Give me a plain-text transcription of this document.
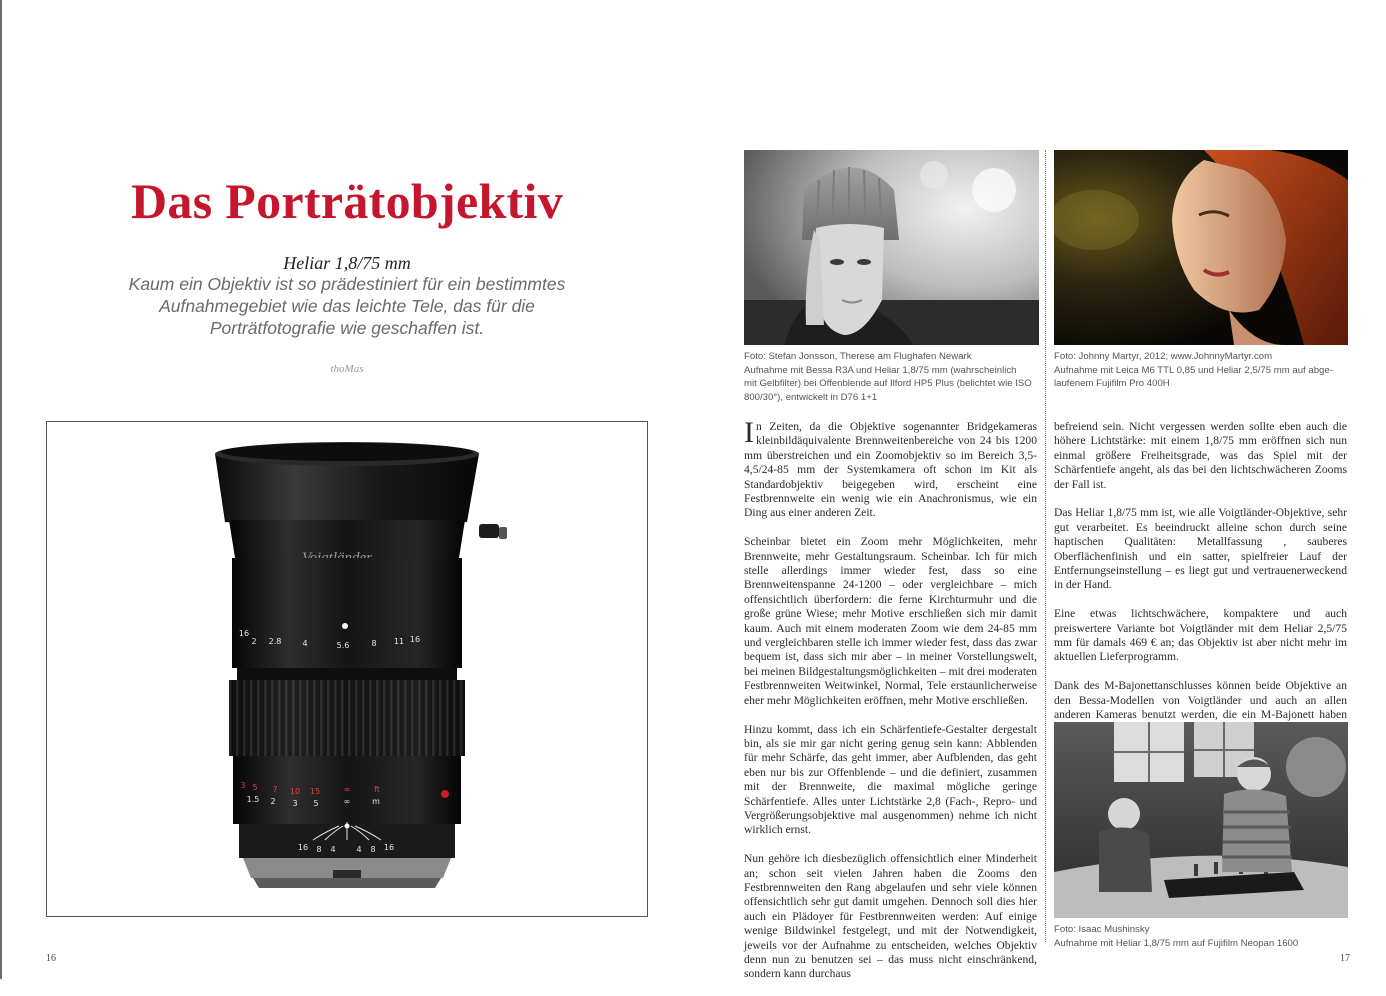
Das Porträtobjektiv
Heliar 1,8/75 mm
Kaum ein Objektiv ist so prädestiniert für ein bestimmtes Aufnahmegebiet wie das leichte Tele, das für die Porträtfotografie wie geschaffen ist.
thoMas
16
2 2.8	4	5.6	8 11 16
3 5 7 10 15	∞	ft
1.5 2 3 5	∞	m
16 8 4	4 8 16
16
Foto: Stefan Jonsson, Therese am Flughafen Newark
Aufnahme mit Bessa R3A und Heliar 1,8/75 mm (wahrscheinlich
mit Gelbfilter) bei Offenblende auf Ilford HP5 Plus (belichtet wie ISO
800/30°), entwickelt in D76 1+1
Foto: Johnny Martyr, 2012; www.JohnnyMartyr.com
Aufnahme mit Leica M6 TTL 0,85 und Heliar 2,5/75 mm auf abge-
laufenem Fujifilm Pro 400H

In Zeiten, da die Objektive sogenannter Bridgekameras kleinbildäquivalente Brennweitenbereiche von 24 bis 1200 mm überstreichen und ein Zoomobjektiv so im Bereich 3,5-4,5/24-85 mm der Systemkamera oft schon im Kit als Standardobjektiv beigegeben wird, erscheint eine Festbrennweite ein wenig wie ein Anachronismus, wie ein Ding aus einer anderen Zeit.

Scheinbar bietet ein Zoom mehr Möglichkeiten, mehr Brennweite, mehr Gestaltungsraum. Scheinbar. Ich für mich stelle allerdings immer wieder fest, dass so eine Brennweitenspanne 24-1200 – oder vergleichbare – mich offensichtlich überfordern: die ferne Kirchturmuhr und die große grüne Wiese; mehr Motive erschließen sich mir damit kaum. Auch mit einem moderaten Zoom wie dem 24-85 mm und vergleichbaren stelle ich immer wieder fest, dass das zwar bequem ist, dass sich mir aber – in meiner Vorstellungswelt, bei meinen Bildgestaltungsmöglichkeiten – mit drei moderaten Festbrennweiten Weitwinkel, Normal, Tele erstaunlicherweise eher mehr Möglichkeiten eröffnen, mehr Motive erschließen.

Hinzu kommt, dass ich ein Schärfentiefe-Gestalter dergestalt bin, als sie mir gar nicht gering genug sein kann: Abblenden für mehr Schärfe, das geht immer, aber Aufblenden, das geht eben nur bis zur Offenblende – und die definiert, zusammen mit der Brennweite, die maximal mögliche geringe Schärfentiefe. Alles unter Lichtstärke 2,8 (Fach-, Repro- und Vergrößerungsobjektive mal ausgenommen) nehme ich nicht wirklich ernst.

Nun gehöre ich diesbezüglich offensichtlich einer Minderheit an; schon seit vielen Jahren haben die Zooms den Festbrennweiten den Rang abgelaufen und sehr viele können offensichtlich sehr gut damit umgehen. Dennoch soll dies hier auch ein Plädoyer für Festbrennweiten werden: Auf einige wenige Bildwinkel festgelegt, und mit der Notwendigkeit, jeweils vor der Aufnahme zu entscheiden, welches Objektiv denn nun zu benutzen sei – das muss nicht einschränkend, sondern kann durchaus

befreiend sein. Nicht vergessen werden sollte eben auch die höhere Lichtstärke: mit einem 1,8/75 mm eröffnen sich nun einmal größere Freiheitsgrade, was das Spiel mit der Schärfentiefe angeht, als das bei den lichtschwächeren Zooms der Fall ist.

Das Heliar 1,8/75 mm ist, wie alle Voigtländer-Objektive, sehr gut verarbeitet. Es beeindruckt alleine schon durch seine haptischen Qualitäten: Metallfassung , sauberes Oberflächenfinish und ein satter, spielfreier Lauf der Entfernungseinstellung – es liegt gut und vertrauenerweckend in der Hand.

Eine etwas lichtschwächere, kompaktere und auch preiswertere Variante bot Voigtländer mit dem Heliar 2,5/75 mm für damals 469 € an; das Objektiv ist aber nicht mehr im aktuellen Lieferprogramm.

Dank des M-Bajonettanschlusses können beide Objektive an den Bessa-Modellen von Voigtländer und auch an allen anderen Kameras benutzt werden, die ein M-Bajonett haben

Foto: Isaac Mushinsky
Aufnahme mit Heliar 1,8/75 mm auf Fujifilm Neopan 1600
17
